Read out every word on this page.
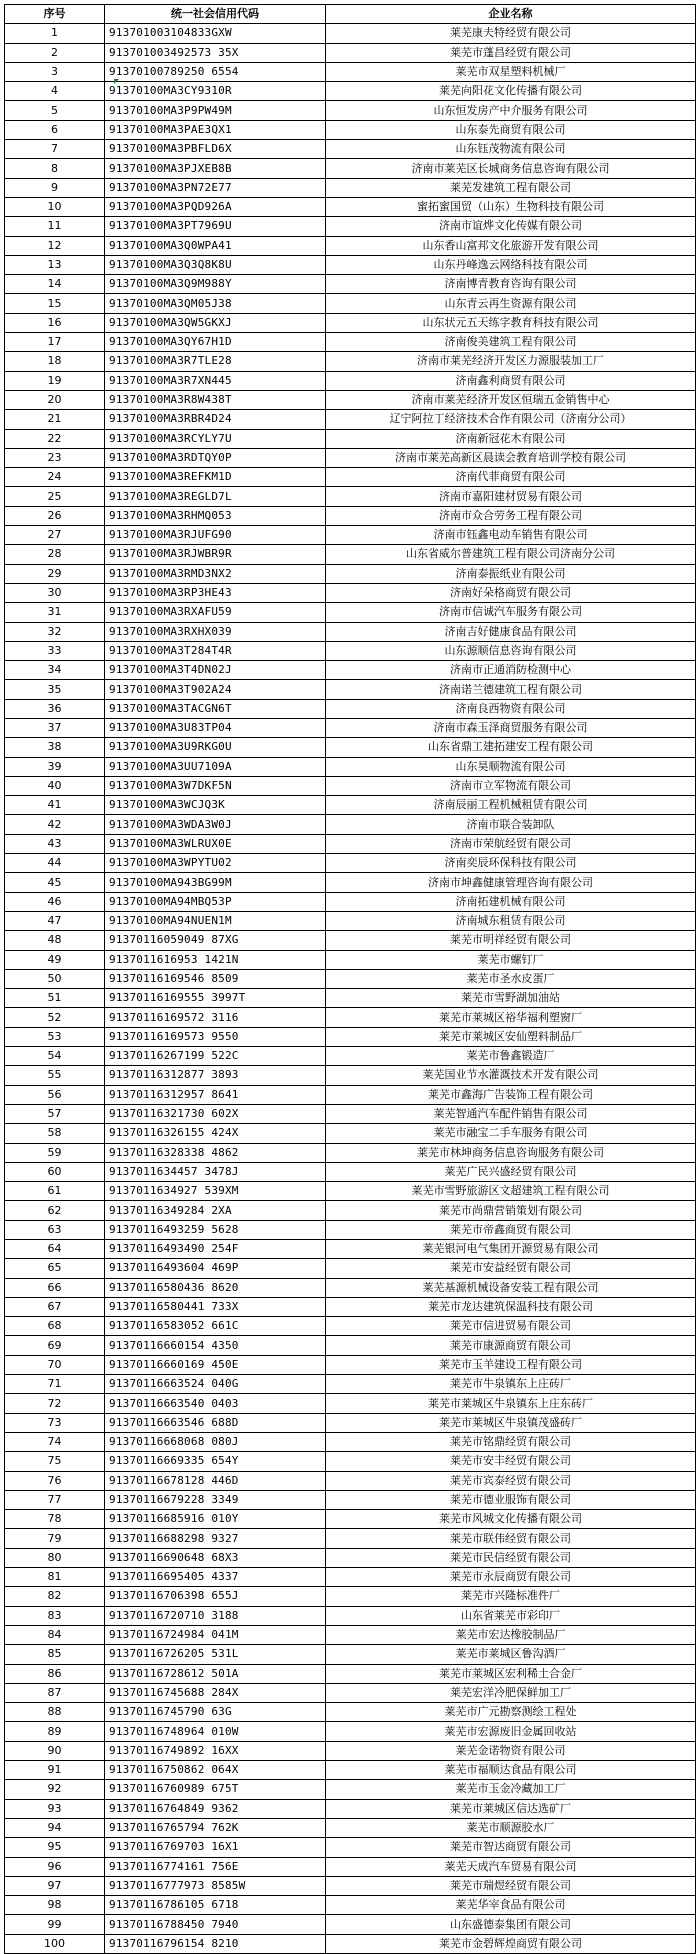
序号	统一社会信用代码	企业名称
1	913701003104833GXW	莱芜康夫特经贸有限公司
2	913701003492573 35X	莱芜市蓬昌经贸有限公司
3	91370100789250 6554	莱芜市双星塑料机械厂
4	91370100MA3CY9310R	莱芜向阳花文化传播有限公司
5	91370100MA3P9PW49M	山东恒发房产中介服务有限公司
6	91370100MA3PAE3QX1	山东泰先商贸有限公司
7	91370100MA3PBFLD6X	山东钰茂物流有限公司
8	91370100MA3PJXEB8B	济南市莱芜区长城商务信息咨询有限公司
9	91370100MA3PN72E77	莱芜发建筑工程有限公司
10	91370100MA3PQD926A	蜜拓蜜国贸（山东）生物科技有限公司
11	91370100MA3PT7969U	济南市谊烨文化传媒有限公司
12	91370100MA3Q0WPA41	山东香山富邦文化旅游开发有限公司
13	91370100MA3Q3Q8K8U	山东丹峰逸云网络科技有限公司
14	91370100MA3Q9M988Y	济南博青教育咨询有限公司
15	91370100MA3QM05J38	山东青云再生资源有限公司
16	91370100MA3QW5GKXJ	山东状元五天练字教育科技有限公司
17	91370100MA3QY67H1D	济南俊美建筑工程有限公司
18	91370100MA3R7TLE28	济南市莱芜经济开发区力源服装加工厂
19	91370100MA3R7XN445	济南鑫利商贸有限公司
20	91370100MA3R8W438T	济南市莱芜经济开发区恒瑞五金销售中心
21	91370100MA3RBR4D24	辽宁阿拉丁经济技术合作有限公司（济南分公司）
22	91370100MA3RCYLY7U	济南新冠花木有限公司
23	91370100MA3RDTQY0P	济南市莱芜高新区晨读会教育培训学校有限公司
24	91370100MA3REFKM1D	济南代菲商贸有限公司
25	91370100MA3REGLD7L	济南市嘉阳建材贸易有限公司
26	91370100MA3RHMQ053	济南市众合劳务工程有限公司
27	91370100MA3RJUFG90	济南市钰鑫电动车销售有限公司
28	91370100MA3RJWBR9R	山东省威尔普建筑工程有限公司济南分公司
29	91370100MA3RMD3NX2	济南泰振纸业有限公司
30	91370100MA3RP3HE43	济南好朵格商贸有限公司
31	91370100MA3RXAFU59	济南市信诚汽车服务有限公司
32	91370100MA3RXHX039	济南吉好健康食品有限公司
33	91370100MA3T284T4R	山东源顺信息咨询有限公司
34	91370100MA3T4DN02J	济南市正通消防检测中心
35	91370100MA3T902A24	济南诺兰德建筑工程有限公司
36	91370100MA3TACGN6T	济南良西物资有限公司
37	91370100MA3U83TP04	济南市森玉泽商贸服务有限公司
38	91370100MA3U9RKG0U	山东省鼎工建拓建安工程有限公司
39	91370100MA3UU7109A	山东昊顺物流有限公司
40	91370100MA3W7DKF5N	济南市立军物流有限公司
41	91370100MA3WCJQ3K	济南辰丽工程机械租赁有限公司
42	91370100MA3WDA3W0J	济南市联合装卸队
43	91370100MA3WLRUX0E	济南市荣航经贸有限公司
44	91370100MA3WPYTU02	济南奕辰环保科技有限公司
45	91370100MA943BG99M	济南市坤鑫健康管理咨询有限公司
46	91370100MA94MBQ53P	济南拓建机械有限公司
47	91370100MA94NUEN1M	济南城东租赁有限公司
48	91370116059049 87XG	莱芜市明祥经贸有限公司
49	9137011616953 1421N	莱芜市螺钉厂
50	91370116169546 8509	莱芜市圣水皮蛋厂
51	91370116169555 3997T	莱芜市雪野湖加油站
52	91370116169572 3116	莱芜市莱城区裕华福利塑窗厂
53	91370116169573 9550	莱芜市莱城区安仙塑料制品厂
54	91370116267199 522C	莱芜市鲁鑫锻造厂
55	91370116312877 3893	莱芜国业节水灌溉技术开发有限公司
56	91370116312957 8641	莱芜市鑫海广告装饰工程有限公司
57	91370116321730 602X	莱芜智通汽车配件销售有限公司
58	91370116326155 424X	莱芜市融宝二手车服务有限公司
59	91370116328338 4862	莱芜市林坤商务信息咨询服务有限公司
60	9137011634457 3478J	莱芜广民兴盛经贸有限公司
61	9137011634927 539XM	莱芜市雪野旅游区文超建筑工程有限公司
62	91370116349284 2XA	莱芜市尚鼎营销策划有限公司
63	91370116493259 5628	莱芜市帝鑫商贸有限公司
64	91370116493490 254F	莱芜银河电气集团开源贸易有限公司
65	91370116493604 469P	莱芜市安益经贸有限公司
66	91370116580436 8620	莱芜基源机械设备安装工程有限公司
67	91370116580441 733X	莱芜市龙达建筑保温科技有限公司
68	91370116583052 661C	莱芜市信进贸易有限公司
69	91370116660154 4350	莱芜市康源商贸有限公司
70	91370116660169 450E	莱芜市玉羊建设工程有限公司
71	91370116663524 040G	莱芜市牛泉镇东上庄砖厂
72	91370116663540 0403	莱芜市莱城区牛泉镇东上庄东砖厂
73	91370116663546 688D	莱芜市莱城区牛泉镇茂盛砖厂
74	91370116668068 080J	莱芜市铭鼎经贸有限公司
75	91370116669335 654Y	莱芜市安丰经贸有限公司
76	91370116678128 446D	莱芜市宾泰经贸有限公司
77	91370116679228 3349	莱芜市德业服饰有限公司
78	91370116685916 010Y	莱芜市风城文化传播有限公司
79	91370116688298 9327	莱芜市联伟经贸有限公司
80	91370116690648 68X3	莱芜市民信经贸有限公司
81	91370116695405 4337	莱芜市永辰商贸有限公司
82	91370116706398 655J	莱芜市兴隆标准件厂
83	91370116720710 3188	山东省莱芜市彩印厂
84	91370116724984 041M	莱芜市宏达橡胶制品厂
85	91370116726205 531L	莱芜市莱城区鲁沟酒厂
86	91370116728612 501A	莱芜市莱城区宏利稀土合金厂
87	91370116745688 284X	莱芜宏洋冷肥保鲜加工厂
88	91370116745790 63G	莱芜市广元勘察测绘工程处
89	91370116748964 010W	莱芜市宏源废旧金属回收站
90	91370116749892 16XX	莱芜金诺物资有限公司
91	91370116750862 064X	莱芜市福顺达食品有限公司
92	91370116760989 675T	莱芜市玉金冷藏加工厂
93	91370116764849 9362	莱芜市莱城区信达选矿厂
94	91370116765794 762K	莱芜市顺源胶水厂
95	91370116769703 16X1	莱芜市智达商贸有限公司
96	91370116774161 756E	莱芜天成汽车贸易有限公司
97	91370116777973 8585W	莱芜市瑞煜经贸有限公司
98	91370116786105 6718	莱芜华宰食品有限公司
99	91370116788450 7940	山东盛德泰集团有限公司
100	91370116796154 8210	莱芜市金碧辉煌商贸有限公司
